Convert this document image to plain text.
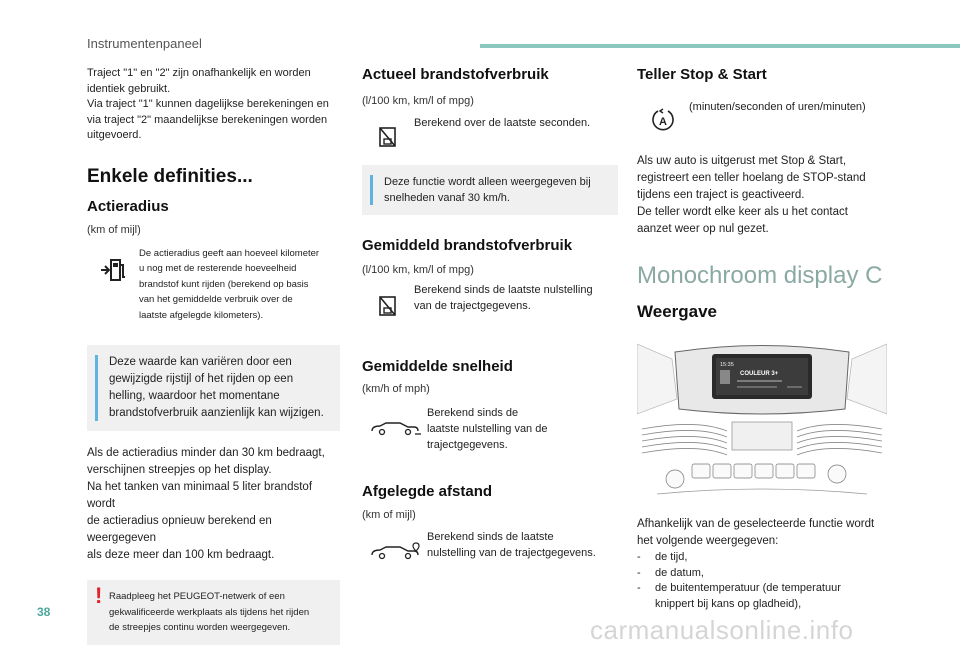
Instrumentenpaneel

Traject "1" en "2" zijn onafhankelijk en worden
identiek gebruikt.
Via traject "1" kunnen dagelijkse berekeningen en
via traject "2" maandelijkse berekeningen worden
uitgevoerd.

Enkele definities...
Actieradius
(km of mijl)
De actieradius geeft aan hoeveel kilometer
u nog met de resterende hoeveelheid
brandstof kunt rijden (berekend op basis
van het gemiddelde verbruik over de
laatste afgelegde kilometers).
Deze waarde kan variëren door een
gewijzigde rijstijl of het rijden op een
helling, waardoor het momentane
brandstofverbruik aanzienlijk kan wijzigen.

Als de actieradius minder dan 30 km bedraagt,
verschijnen streepjes op het display.
Na het tanken van minimaal 5 liter brandstof wordt
de actieradius opnieuw berekend en weergegeven
als deze meer dan 100 km bedraagt.

! Raadpleeg het PEUGEOT-netwerk of een
gekwalificeerde werkplaats als tijdens het rijden
de streepjes continu worden weergegeven.
Actueel brandstofverbruik
(l/100 km, km/l of mpg)
Berekend over de laatste seconden.
Deze functie wordt alleen weergegeven bij
snelheden vanaf 30 km/h.
Gemiddeld brandstofverbruik
(l/100 km, km/l of mpg)
Berekend sinds de laatste nulstelling
van de trajectgegevens.
Gemiddelde snelheid
(km/h of mph)
Berekend sinds de
laatste nulstelling van de
trajectgegevens.
Afgelegde afstand
(km of mijl)
Berekend sinds de laatste
nulstelling van de trajectgegevens.
Teller Stop & Start
A
(minuten/seconden of uren/minuten)

Als uw auto is uitgerust met Stop & Start,
registreert een teller hoelang de STOP-stand
tijdens een traject is geactiveerd.
De teller wordt elke keer als u het contact
aanzet weer op nul gezet.

Monochroom display C
Weergave
15:35
COULEUR 3+

Afhankelijk van de geselecteerde functie wordt
het volgende weergegeven:

-	de tijd,
-	de datum,
-	de buitentemperatuur (de temperatuur
knippert bij kans op gladheid),
38
carmanualsonline.info
